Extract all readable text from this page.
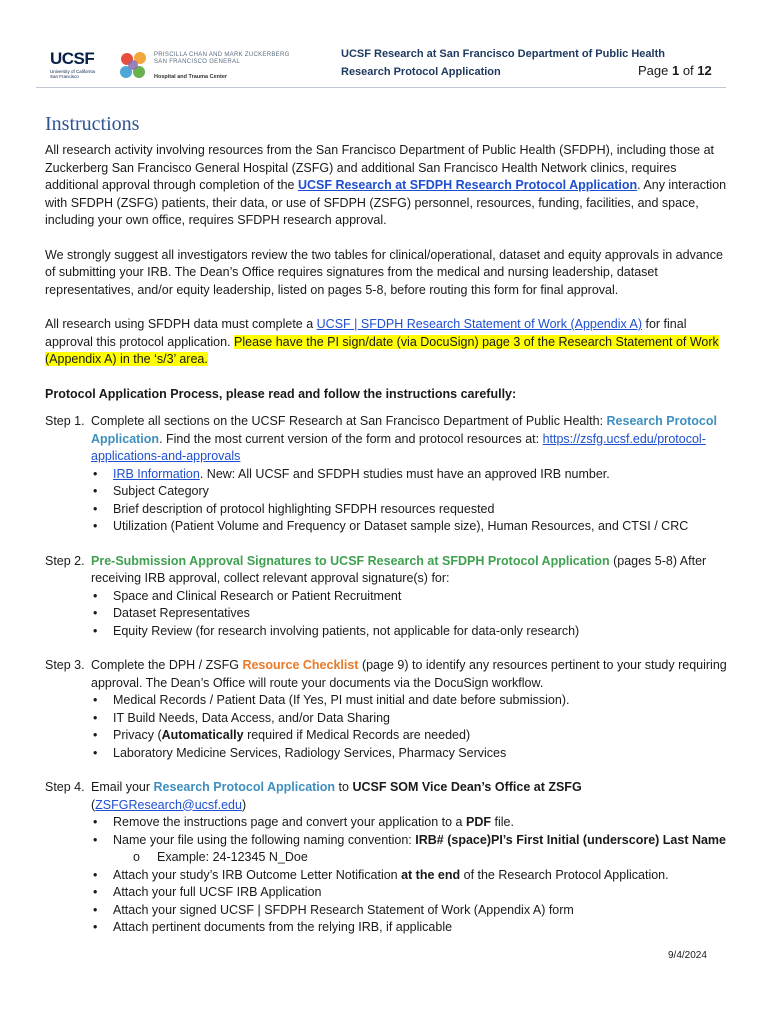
UCSF
University of California San Francisco
PRISCILLA CHAN AND MARK ZUCKERBERG
SAN FRANCISCO GENERAL
Hospital and Trauma Center
UCSF Research at San Francisco Department of Public Health
Research Protocol Application	Page 1 of 12
Instructions

All research activity involving resources from the San Francisco Department of Public Health (SFDPH), including those at Zuckerberg San Francisco General Hospital (ZSFG) and additional San Francisco Health Network clinics, requires additional approval through completion of the UCSF Research at SFDPH Research Protocol Application. Any interaction with SFDPH (ZSFG) patients, their data, or use of SFDPH (ZSFG) personnel, resources, funding, facilities, and space, including your own office, requires SFDPH research approval.

We strongly suggest all investigators review the two tables for clinical/operational, dataset and equity approvals in advance of submitting your IRB. The Dean’s Office requires signatures from the medical and nursing leadership, dataset representatives, and/or equity leadership, listed on pages 5-8, before routing this form for final approval.

All research using SFDPH data must complete a UCSF | SFDPH Research Statement of Work (Appendix A) for final approval this protocol application. Please have the PI sign/date (via DocuSign) page 3 of the Research Statement of Work (Appendix A) in the ‘s/3’ area.

Protocol Application Process, please read and follow the instructions carefully:

Step 1. Complete all sections on the UCSF Research at San Francisco Department of Public Health: Research Protocol Application. Find the most current version of the form and protocol resources at: https://zsfg.ucsf.edu/protocol-applications-and-approvals
• IRB Information. New: All UCSF and SFDPH studies must have an approved IRB number.
• Subject Category
• Brief description of protocol highlighting SFDPH resources requested
• Utilization (Patient Volume and Frequency or Dataset sample size), Human Resources, and CTSI / CRC
Step 2. Pre-Submission Approval Signatures to UCSF Research at SFDPH Protocol Application (pages 5-8) After receiving IRB approval, collect relevant approval signature(s) for:
• Space and Clinical Research or Patient Recruitment
• Dataset Representatives
• Equity Review (for research involving patients, not applicable for data-only research)
Step 3. Complete the DPH / ZSFG Resource Checklist (page 9) to identify any resources pertinent to your study requiring approval. The Dean’s Office will route your documents via the DocuSign workflow.
• Medical Records / Patient Data (If Yes, PI must initial and date before submission).
• IT Build Needs, Data Access, and/or Data Sharing
• Privacy (Automatically required if Medical Records are needed)
• Laboratory Medicine Services, Radiology Services, Pharmacy Services
Step 4. Email your Research Protocol Application to UCSF SOM Vice Dean’s Office at ZSFG (ZSFGResearch@ucsf.edu)
• Remove the instructions page and convert your application to a PDF file.
• Name your file using the following naming convention: IRB# (space)PI’s First Initial (underscore) Last Name
o Example: 24-12345 N_Doe
• Attach your study’s IRB Outcome Letter Notification at the end of the Research Protocol Application.
• Attach your full UCSF IRB Application
• Attach your signed UCSF | SFDPH Research Statement of Work (Appendix A) form
• Attach pertinent documents from the relying IRB, if applicable
9/4/2024
